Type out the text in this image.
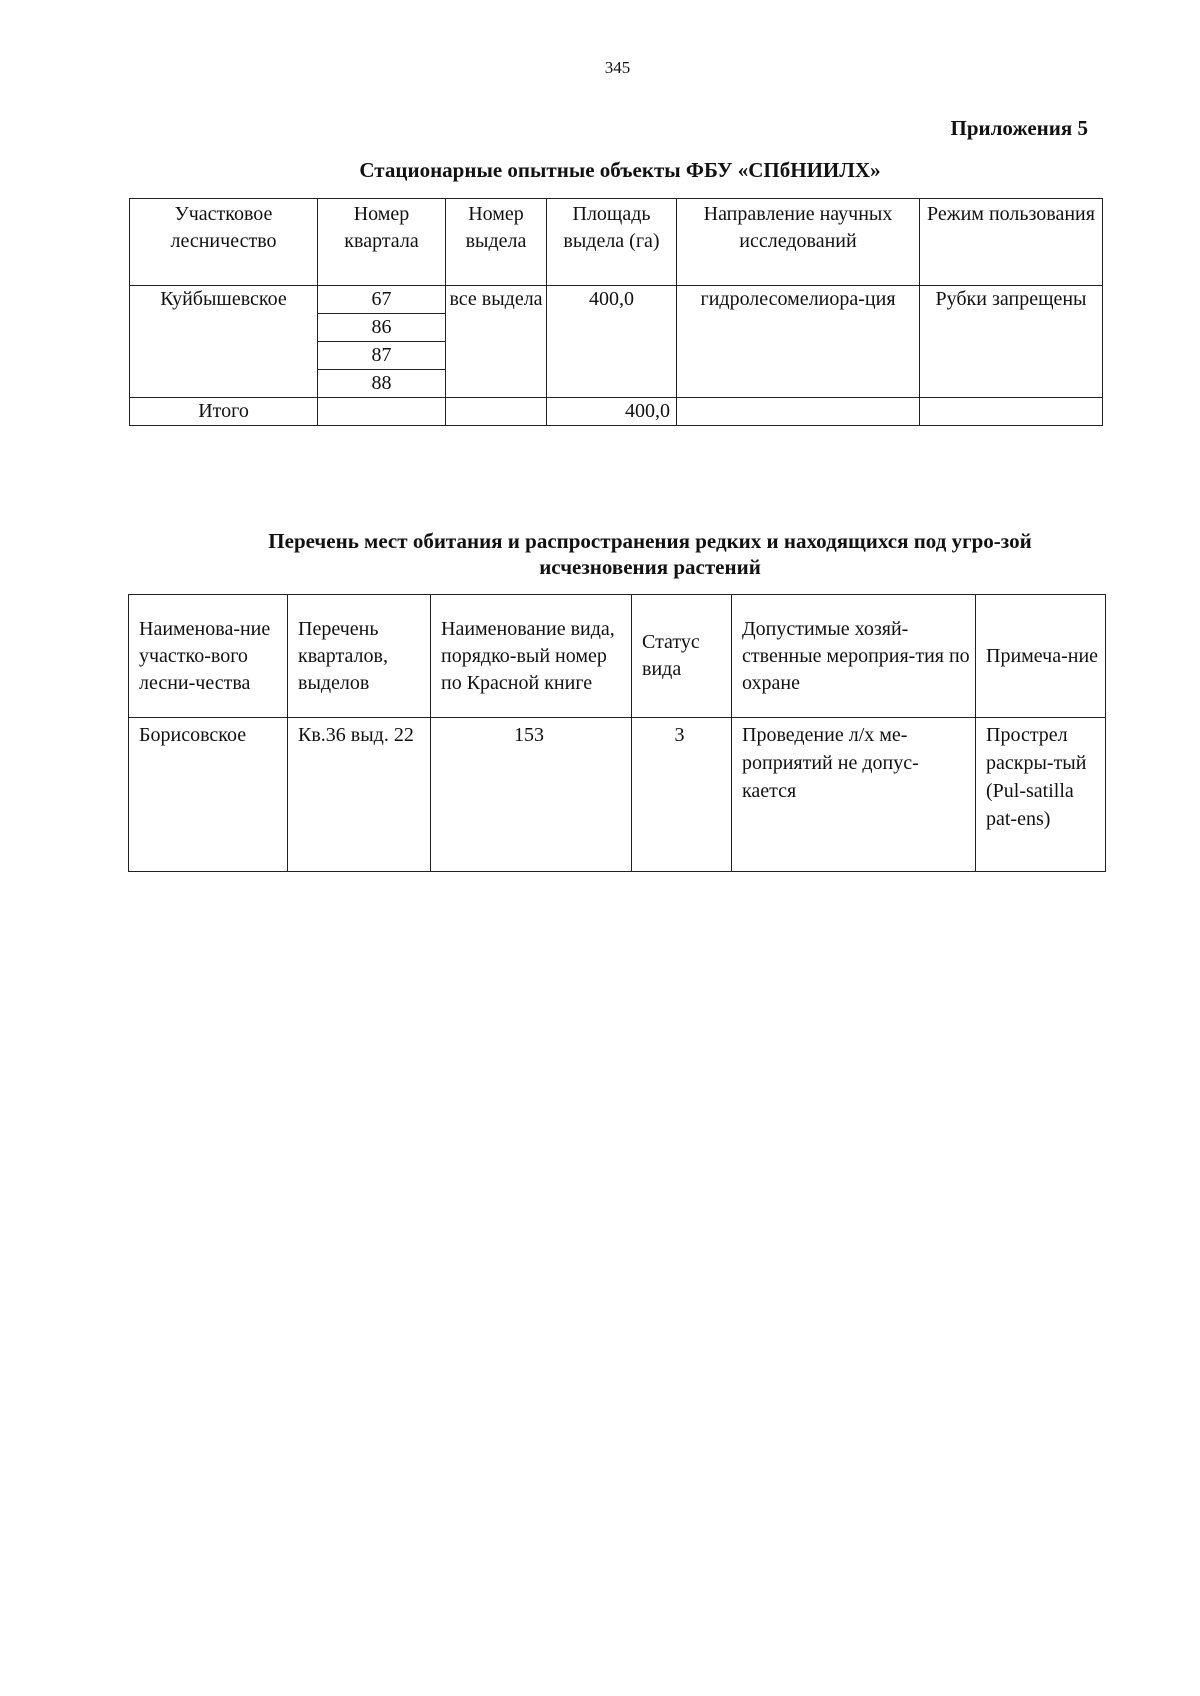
345
Приложения 5
Стационарные опытные объекты ФБУ «СПбНИИЛХ»
Участковое лесничество	Номер квартала	Номер выдела	Площадь выдела (га)	Направление научных исследований	Режим пользования
Куйбышевское	67	все выдела	400,0	гидролесомелиора-ция	Рубки запрещены
	86				
	87				
	88				
Итого			400,0		
Перечень мест обитания и распространения редких и находящихся под угро-зой исчезновения растений
Наименова-ние участко-вого лесни-чества	Перечень кварталов, выделов	Наименование вида, порядко-вый номер по Красной книге	Статус вида	Допустимые хозяй-ственные мероприя-тия по охране	Примеча-ние
Борисовское	Кв.36 выд. 22	153	3	Проведение л/х ме-роприятий не допус-кается	Прострел раскры-тый (Pul-satilla pat-ens)
